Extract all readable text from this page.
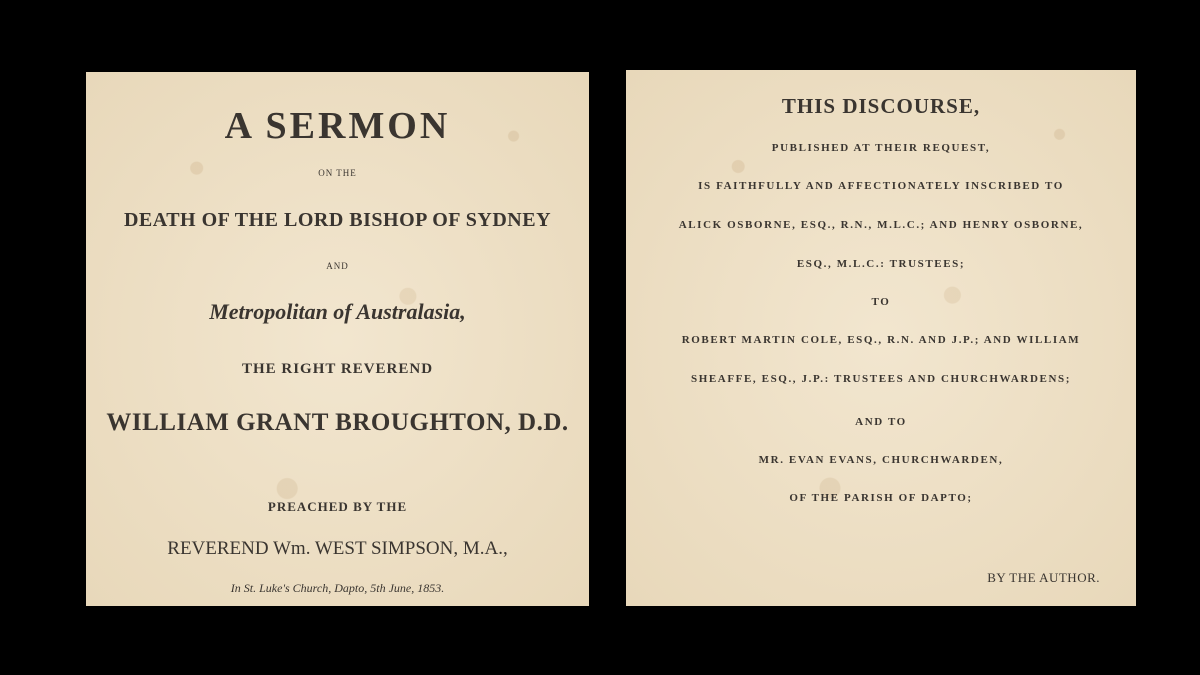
A SERMON
ON THE
DEATH OF THE LORD BISHOP OF SYDNEY
AND
Metropolitan of Australasia,
THE RIGHT REVEREND
WILLIAM GRANT BROUGHTON, D.D.
PREACHED BY THE
REVEREND Wm. WEST SIMPSON, M.A.,
In St. Luke's Church, Dapto, 5th June, 1853.
THIS DISCOURSE,
PUBLISHED AT THEIR REQUEST,
IS FAITHFULLY AND AFFECTIONATELY INSCRIBED TO
ALICK OSBORNE, ESQ., R.N., M.L.C.; AND HENRY OSBORNE,
ESQ., M.L.C.: TRUSTEES;
TO
ROBERT MARTIN COLE, ESQ., R.N. AND J.P.; AND WILLIAM
SHEAFFE, ESQ., J.P.: TRUSTEES AND CHURCHWARDENS;
AND TO
MR. EVAN EVANS, CHURCHWARDEN,
OF THE PARISH OF DAPTO;
BY THE AUTHOR.
